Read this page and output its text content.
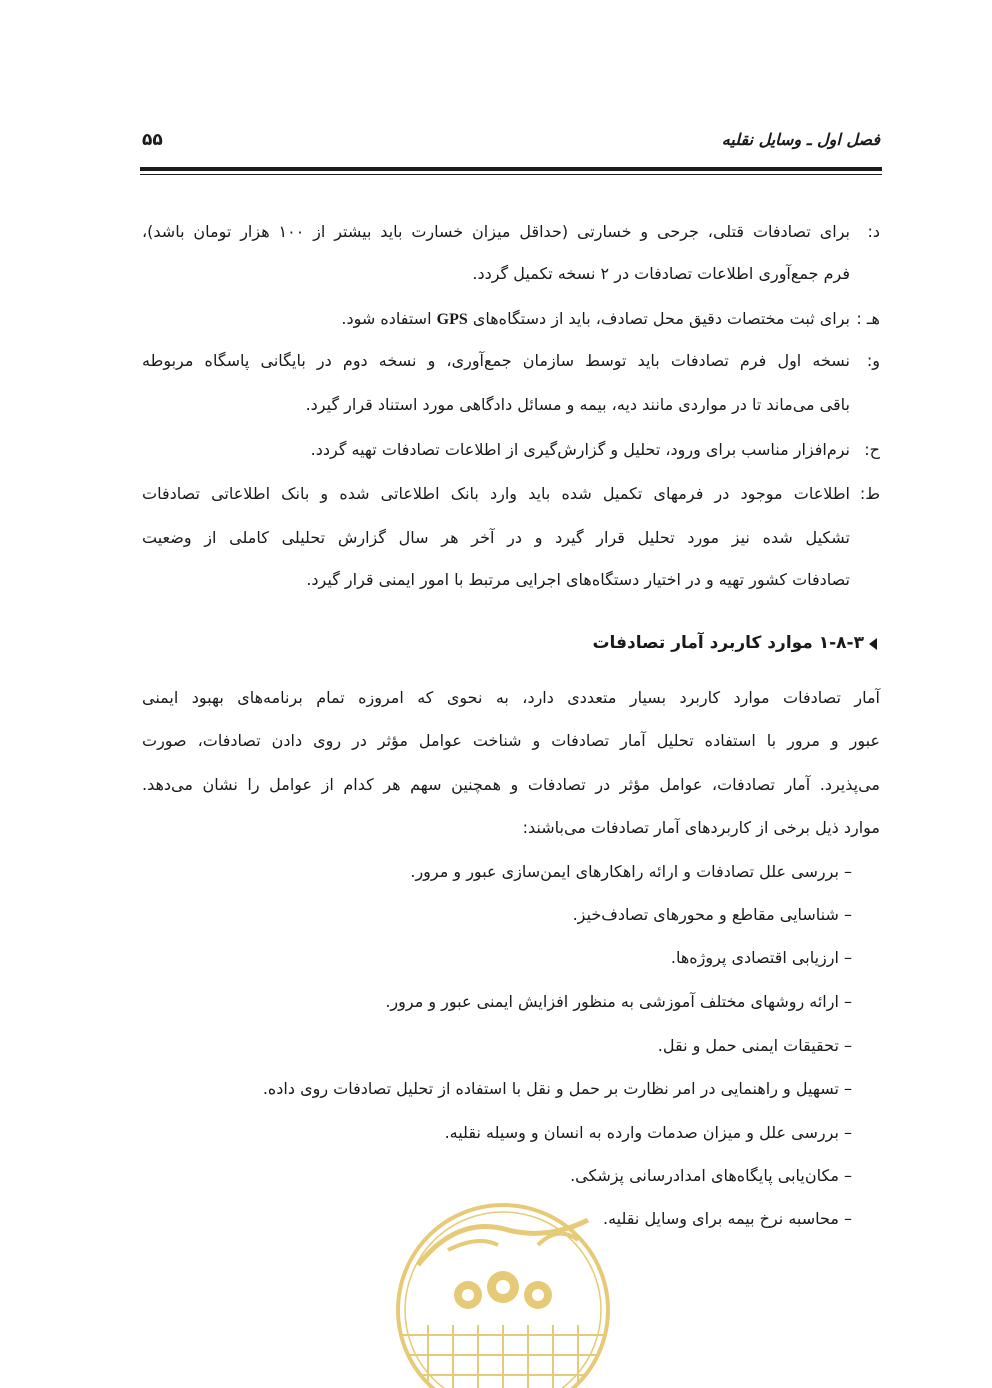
فصل اول ـ وسایل نقلیه
۵۵
د:
برای تصادفات قتلی، جرحی و خسارتی (حداقل میزان خسارت باید بیشتر از ۱۰۰ هزار تومان باشد)،
فرم جمع‌آوری اطلاعات تصادفات در ۲ نسخه تکمیل گردد.
هـ :
برای ثبت مختصات دقیق محل تصادف، باید از دستگاه‌های GPS استفاده شود.
و:
نسخه اول فرم تصادفات باید توسط سازمان جمع‌آوری، و نسخه دوم در بایگانی پاسگاه مربوطه
باقی می‌ماند تا در مواردی مانند دیه، بیمه و مسائل دادگاهی مورد استناد قرار گیرد.
ح:
نرم‌افزار مناسب برای ورود، تحلیل و گزارش‌گیری از اطلاعات تصادفات تهیه گردد.
ط:
اطلاعات موجود در فرمهای تکمیل شده باید وارد بانک اطلاعاتی شده و بانک اطلاعاتی تصادفات
تشکیل شده نیز مورد تحلیل قرار گیرد و در آخر هر سال گزارش تحلیلی کاملی از وضعیت
تصادفات کشور تهیه و در اختیار دستگاه‌های اجرایی مرتبط با امور ایمنی قرار گیرد.
۱-۸-۳ موارد کاربرد آمار تصادفات
آمار تصادفات موارد کاربرد بسیار متعددی دارد، به نحوی که امروزه تمام برنامه‌های بهبود ایمنی
عبور و مرور با استفاده تحلیل آمار تصادفات و شناخت عوامل مؤثر در روی دادن تصادفات، صورت
می‌پذیرد. آمار تصادفات، عوامل مؤثر در تصادفات و همچنین سهم هر کدام از عوامل را نشان می‌دهد.
موارد ذیل برخی از کاربردهای آمار تصادفات می‌باشند:
– بررسی علل تصادفات و ارائه راهکارهای ایمن‌سازی عبور و مرور.
– شناسایی مقاطع و محورهای تصادف‌خیز.
– ارزیابی اقتصادی پروژه‌ها.
– ارائه روشهای مختلف آموزشی به منظور افزایش ایمنی عبور و مرور.
– تحقیقات ایمنی حمل و نقل.
– تسهیل و راهنمایی در امر نظارت بر حمل و نقل با استفاده از تحلیل تصادفات روی داده.
– بررسی علل و میزان صدمات وارده به انسان و وسیله نقلیه.
– مکان‌یابی پایگاه‌های امدادرسانی پزشکی.
– محاسبه نرخ بیمه برای وسایل نقلیه.
